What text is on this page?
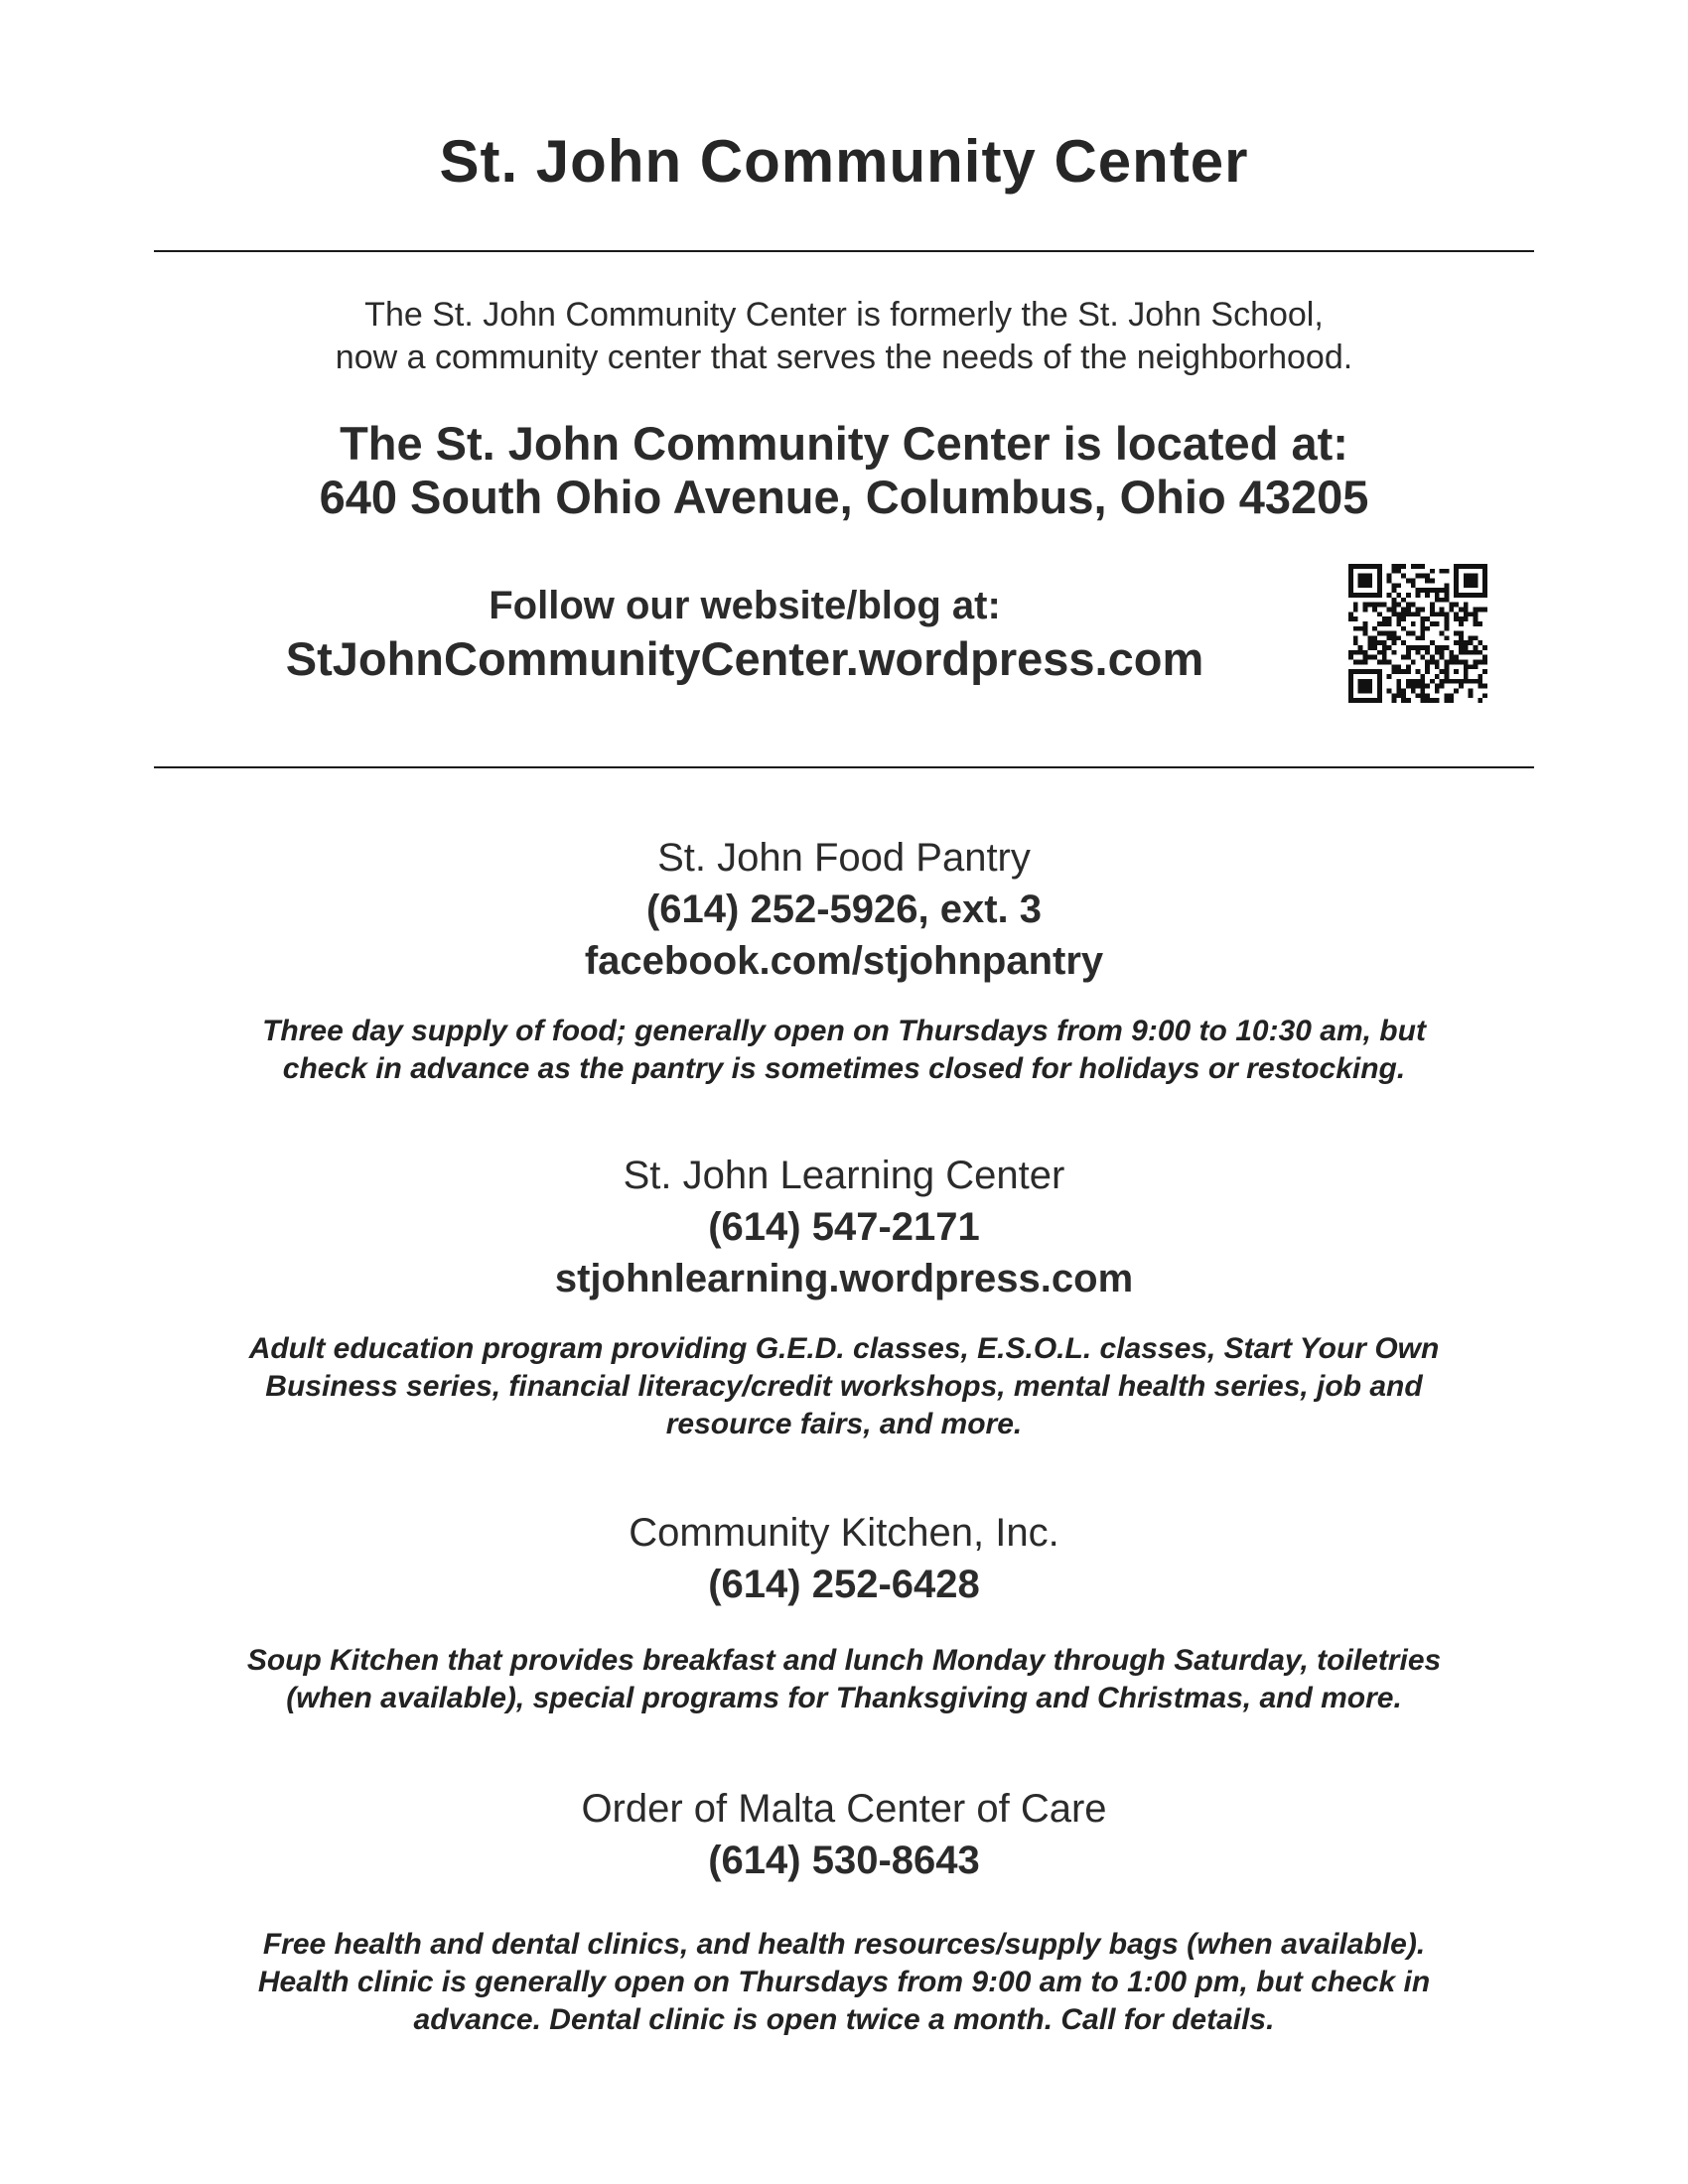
St. John Community Center
The St. John Community Center is formerly the St. John School,
now a community center that serves the needs of the neighborhood.
The St. John Community Center is located at:
640 South Ohio Avenue, Columbus, Ohio 43205
Follow our website/blog at:
StJohnCommunityCenter.wordpress.com
St. John Food Pantry
(614) 252-5926, ext. 3
facebook.com/stjohnpantry
Three day supply of food; generally open on Thursdays from 9:00 to 10:30 am, but
check in advance as the pantry is sometimes closed for holidays or restocking.
St. John Learning Center
(614) 547-2171
stjohnlearning.wordpress.com
Adult education program providing G.E.D. classes, E.S.O.L. classes, Start Your Own
Business series, financial literacy/credit workshops, mental health series, job and
resource fairs, and more.
Community Kitchen, Inc.
(614) 252-6428
Soup Kitchen that provides breakfast and lunch Monday through Saturday, toiletries
(when available), special programs for Thanksgiving and Christmas, and more.
Order of Malta Center of Care
(614) 530-8643
Free health and dental clinics, and health resources/supply bags (when available).
Health clinic is generally open on Thursdays from 9:00 am to 1:00 pm, but check in
advance. Dental clinic is open twice a month. Call for details.
